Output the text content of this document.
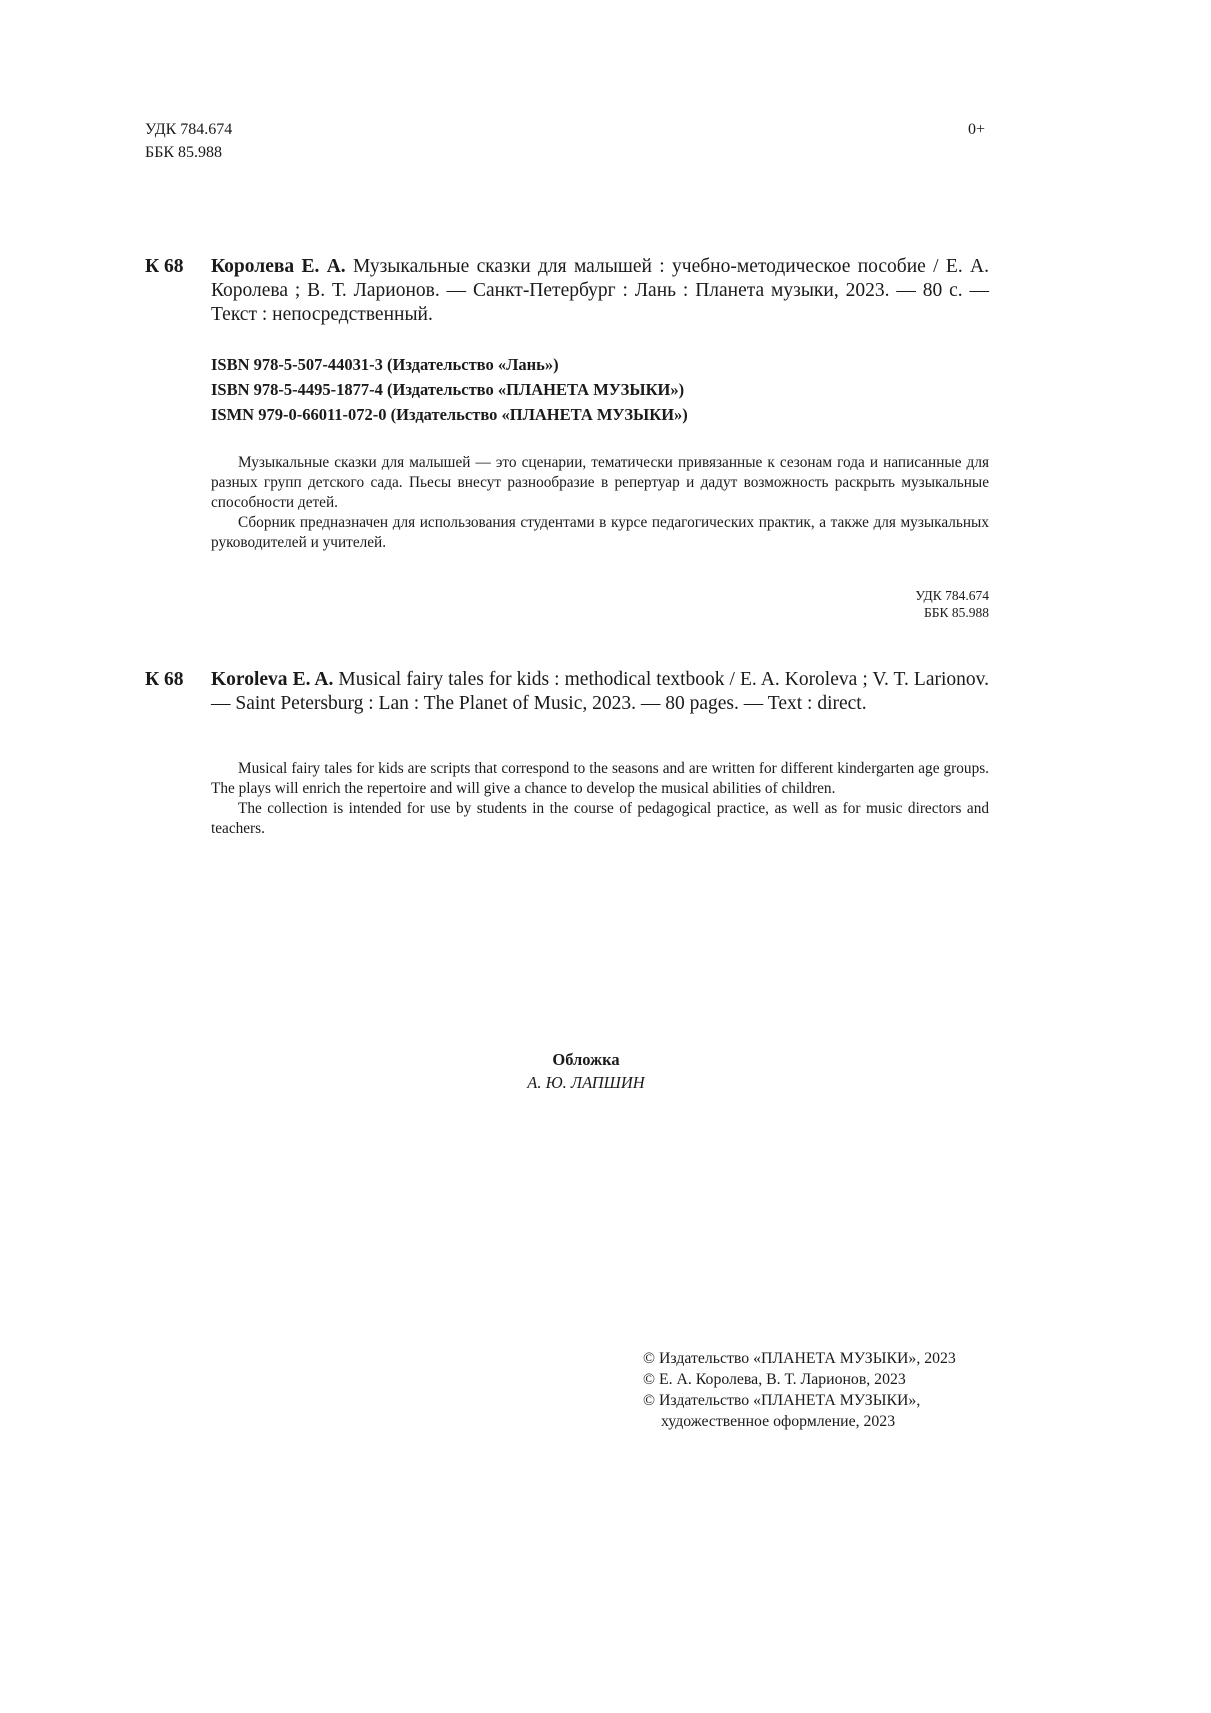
УДК 784.674
ББК 85.988
0+
К 68 Королева Е. А. Музыкальные сказки для малышей : учебно-методическое пособие / Е. А. Королева ; В. Т. Ларионов. — Санкт-Петербург : Лань : Планета музыки, 2023. — 80 с. — Текст : непосредственный.
ISBN 978-5-507-44031-3 (Издательство «Лань»)
ISBN 978-5-4495-1877-4 (Издательство «ПЛАНЕТА МУЗЫКИ»)
ISMN 979-0-66011-072-0 (Издательство «ПЛАНЕТА МУЗЫКИ»)

Музыкальные сказки для малышей — это сценарии, тематически привязанные к сезонам года и написанные для разных групп детского сада. Пьесы внесут разнообразие в репертуар и дадут возможность раскрыть музыкальные способности детей.

Сборник предназначен для использования студентами в курсе педагогических практик, а также для музыкальных руководителей и учителей.

УДК 784.674
ББК 85.988
К 68 Koroleva E. A. Musical fairy tales for kids : methodical textbook / E. A. Koroleva ; V. T. Larionov. — Saint Petersburg : Lan : The Planet of Music, 2023. — 80 pages. — Text : direct.

Musical fairy tales for kids are scripts that correspond to the seasons and are written for different kindergarten age groups. The plays will enrich the repertoire and will give a chance to develop the musical abilities of children.

The collection is intended for use by students in the course of pedagogical practice, as well as for music directors and teachers.

Обложка
А. Ю. ЛАПШИН
© Издательство «ПЛАНЕТА МУЗЫКИ», 2023
© Е. А. Королева, В. Т. Ларионов, 2023
© Издательство «ПЛАНЕТА МУЗЫКИ»,
художественное оформление, 2023
